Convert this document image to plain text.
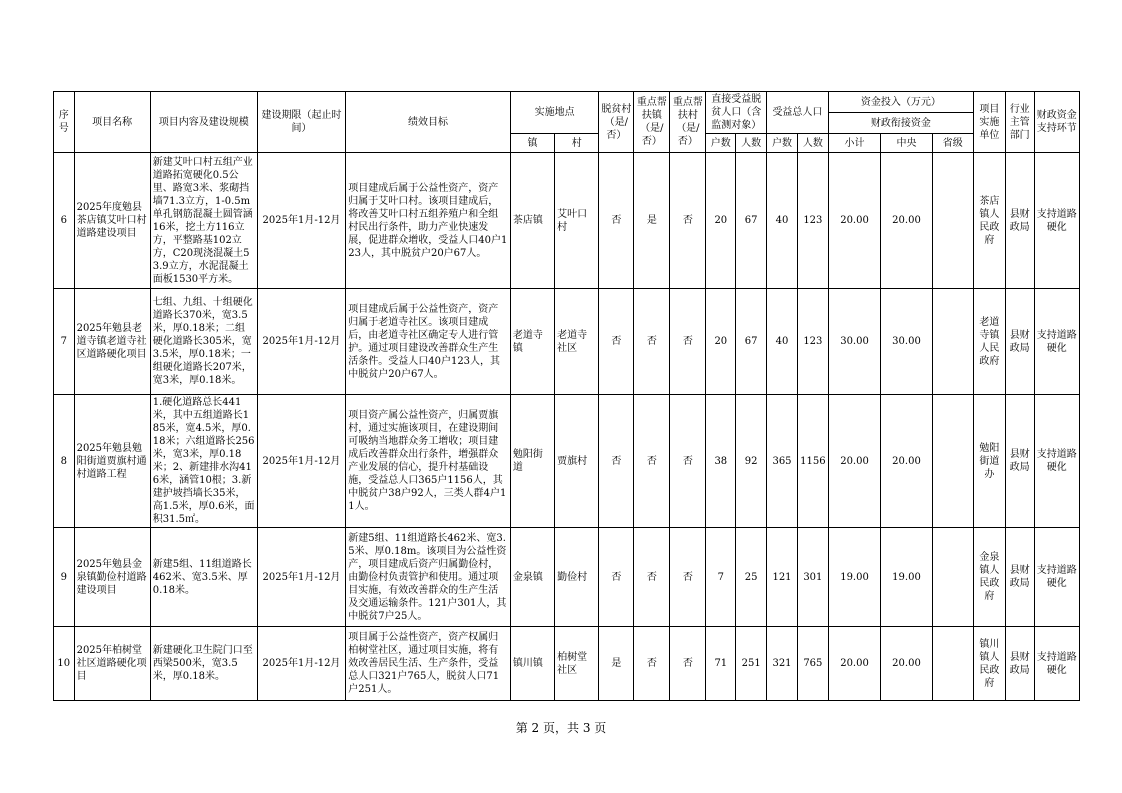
序号	项目名称	项目内容及建设规模	建设期限（起止时间）	绩效目标	实施地点		脱贫村（是/否）	重点帮扶镇（是/否）	重点帮扶村（是/否）	直接受益脱贫人口（含监测对象）		受益总人口		资金投入（万元）			项目实施单位	行业主管部门	财政资金支持环节
														财政衔接资金					
					镇	村				户数	人数	户数	人数	小计	中央	省级			
6	2025年度勉县茶店镇艾叶口村道路建设项目	新建艾叶口村五组产业道路拓宽硬化0.5公里、路宽3米、浆砌挡墙71.3立方，1-0.5m单孔钢筋混凝土圆管涵16米，挖土方116立方，平整路基102立方，C20现浇混凝土53.9立方，水泥混凝土面板1530平方米。	2025年1月-12月	项目建成后属于公益性资产，资产归属于艾叶口村。该项目建成后，将改善艾叶口村五组养殖户和全组村民出行条件，助力产业快速发展，促进群众增收，受益人口40户123人，其中脱贫户20户67人。	茶店镇	艾叶口村	否	是	否	20	67	40	123	20.00	20.00		茶店镇人民政府	县财政局	支持道路硬化
7	2025年勉县老道寺镇老道寺社区道路硬化项目	七组、九组、十组硬化道路长370米，宽3.5米，厚0.18米；二组硬化道路长305米，宽3.5米，厚0.18米；一组硬化道路长207米，宽3米，厚0.18米。	2025年1月-12月	项目建成后属于公益性资产，资产归属于老道寺社区。该项目建成后，由老道寺社区确定专人进行管护。通过项目建设改善群众生产生活条件。受益人口40户123人，其中脱贫户20户67人。	老道寺镇	老道寺社区	否	否	否	20	67	40	123	30.00	30.00		老道寺镇人民政府	县财政局	支持道路硬化
8	2025年勉县勉阳街道贾旗村通村道路工程	1.硬化道路总长441米，其中五组道路长185米，宽4.5米，厚0.18米；六组道路长256米，宽3米，厚0.18米；2、新建排水沟416米，涵管10根；3.新建护坡挡墙长35米，高1.5米，厚0.6米，面积31.5㎡。	2025年1月-12月	项目资产属公益性资产，归属贾旗村，通过实施该项目，在建设期间可吸纳当地群众务工增收；项目建成后改善群众出行条件，增强群众产业发展的信心，提升村基础设施，受益总人口365户1156人，其中脱贫户38户92人，三类人群4户11人。	勉阳街道	贾旗村	否	否	否	38	92	365	1156	20.00	20.00		勉阳街道办	县财政局	支持道路硬化
9	2025年勉县金泉镇勤俭村道路建设项目	新建5组、11组道路长462米、宽3.5米、厚0.18米。	2025年1月-12月	新建5组、11组道路长462米、宽3.5米、厚0.18m。该项目为公益性资产，项目建成后资产归属勤俭村，由勤俭村负责管护和使用。通过项目实施，有效改善群众的生产生活及交通运输条件。121户301人，其中脱贫7户25人。	金泉镇	勤俭村	否	否	否	7	25	121	301	19.00	19.00		金泉镇人民政府	县财政局	支持道路硬化
10	2025年柏树堂社区道路硬化项目	新建硬化卫生院门口至西梁500米，宽3.5米，厚0.18米。	2025年1月-12月	项目属于公益性资产，资产权属归柏树堂社区，通过项目实施，将有效改善居民生活、生产条件，受益总人口321户765人，脱贫人口71户251人。	镇川镇	柏树堂社区	是	否	否	71	251	321	765	20.00	20.00		镇川镇人民政府	县财政局	支持道路硬化
第 2 页，共 3 页
